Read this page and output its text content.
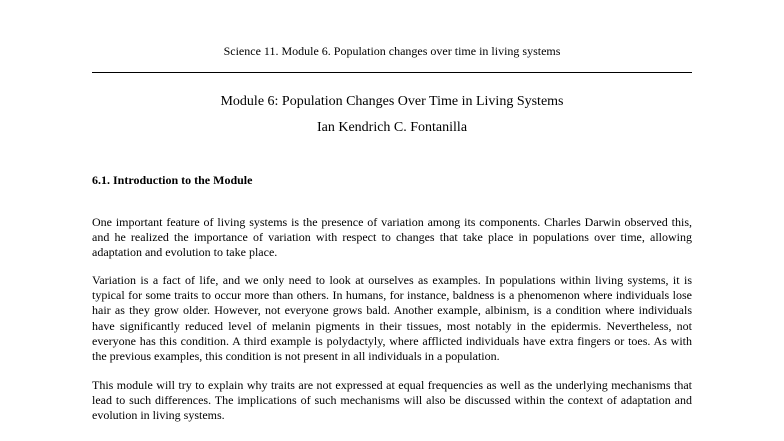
Science 11. Module 6. Population changes over time in living systems
Module 6: Population Changes Over Time in Living Systems
Ian Kendrich C. Fontanilla
6.1. Introduction to the Module

One important feature of living systems is the presence of variation among its components. Charles Darwin observed this, and he realized the importance of variation with respect to changes that take place in populations over time, allowing adaptation and evolution to take place.

Variation is a fact of life, and we only need to look at ourselves as examples. In populations within living systems, it is typical for some traits to occur more than others. In humans, for instance, baldness is a phenomenon where individuals lose hair as they grow older. However, not everyone grows bald. Another example, albinism, is a condition where individuals have significantly reduced level of melanin pigments in their tissues, most notably in the epidermis. Nevertheless, not everyone has this condition. A third example is polydactyly, where afflicted individuals have extra fingers or toes. As with the previous examples, this condition is not present in all individuals in a population.

This module will try to explain why traits are not expressed at equal frequencies as well as the underlying mechanisms that lead to such differences. The implications of such mechanisms will also be discussed within the context of adaptation and evolution in living systems.
